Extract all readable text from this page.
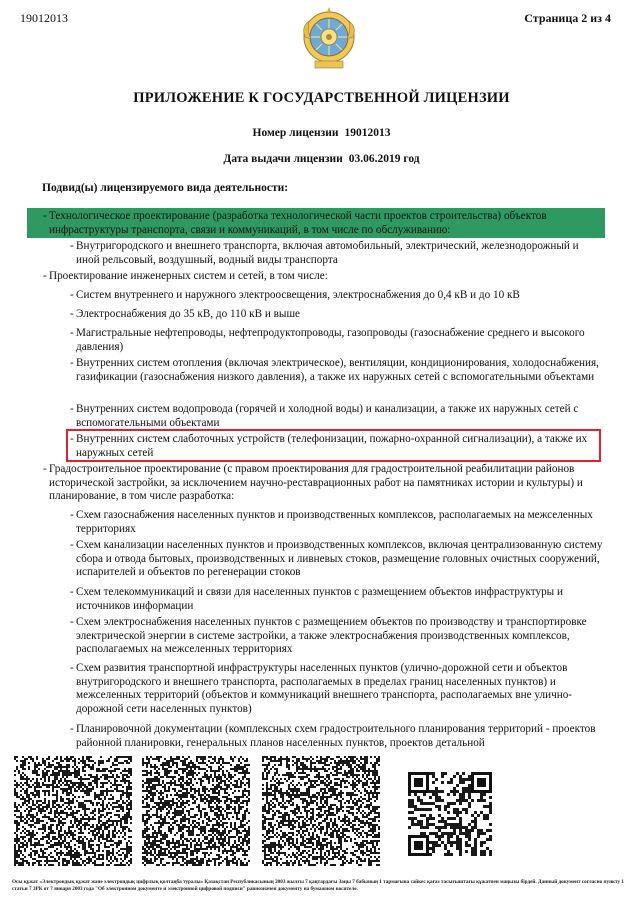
19012013	Страница 2 из 4
ПРИЛОЖЕНИЕ К ГОСУДАРСТВЕННОЙ ЛИЦЕНЗИИ
Номер лицензии 19012013
Дата выдачи лицензии 03.06.2019 год
Подвид(ы) лицензируемого вида деятельности:
- Технологическое проектирование (разработка технологической части проектов строительства) объектов инфраструктуры транспорта, связи и коммуникаций, в том числе по обслуживанию:
- Внутригородского и внешнего транспорта, включая автомобильный, электрический, железнодорожный и иной рельсовый, воздушный, водный виды транспорта
- Проектирование инженерных систем и сетей, в том числе:
- Систем внутреннего и наружного электроосвещения, электроснабжения до 0,4 кВ и до 10 кВ
- Электроснабжения до 35 кВ, до 110 кВ и выше
- Магистральные нефтепроводы, нефтепродуктопроводы, газопроводы (газоснабжение среднего и высокого давления)
- Внутренних систем отопления (включая электрическое), вентиляции, кондиционирования, холодоснабжения, газификации (газоснабжения низкого давления), а также их наружных сетей с вспомогательными объектами
- Внутренних систем водопровода (горячей и холодной воды) и канализации, а также их наружных сетей с вспомогательными объектами
- Внутренних систем слаботочных устройств (телефонизации, пожарно-охранной сигнализации), а также их наружных сетей
- Градостроительное проектирование (с правом проектирования для градостроительной реабилитации районов исторической застройки, за исключением научно-реставрационных работ на памятниках истории и культуры) и планирование, в том числе разработка:
- Схем газоснабжения населенных пунктов и производственных комплексов, располагаемых на межселенных территориях
- Схем канализации населенных пунктов и производственных комплексов, включая централизованную систему сбора и отвода бытовых, производственных и ливневых стоков, размещение головных очистных сооружений, испарителей и объектов по регенерации стоков
- Схем телекоммуникаций и связи для населенных пунктов с размещением объектов инфраструктуры и источников информации
- Схем электроснабжения населенных пунктов с размещением объектов по производству и транспортировке электрической энергии в системе застройки, а также электроснабжения производственных комплексов, располагаемых на межселенных территориях
- Схем развития транспортной инфраструктуры населенных пунктов (улично-дорожной сети и объектов внутригородского и внешнего транспорта, располагаемых в пределах границ населенных пунктов) и межселенных территорий (объектов и коммуникаций внешнего транспорта, располагаемых вне улично-дорожной сети населенных пунктов)
- Планировочной документации (комплексных схем градостроительного планирования территорий - проектов районной планировки, генеральных планов населенных пунктов, проектов детальной
Осы құжат «Электрондық құжат және электрондық цифрлық қолтаңба туралы» Қазақстан Республикасының 2003 жылғы 7 қаңтардағы Заңы 7 бабының 1 тармағына сәйкес қағаз тасығыштағы құжатпен маңызы бірдей. Данный документ согласно пункту 1 статьи 7 ЗРК от 7 января 2003 года "Об электронном документе и электронной цифровой подписи" равнозначен документу на бумажном носителе.
